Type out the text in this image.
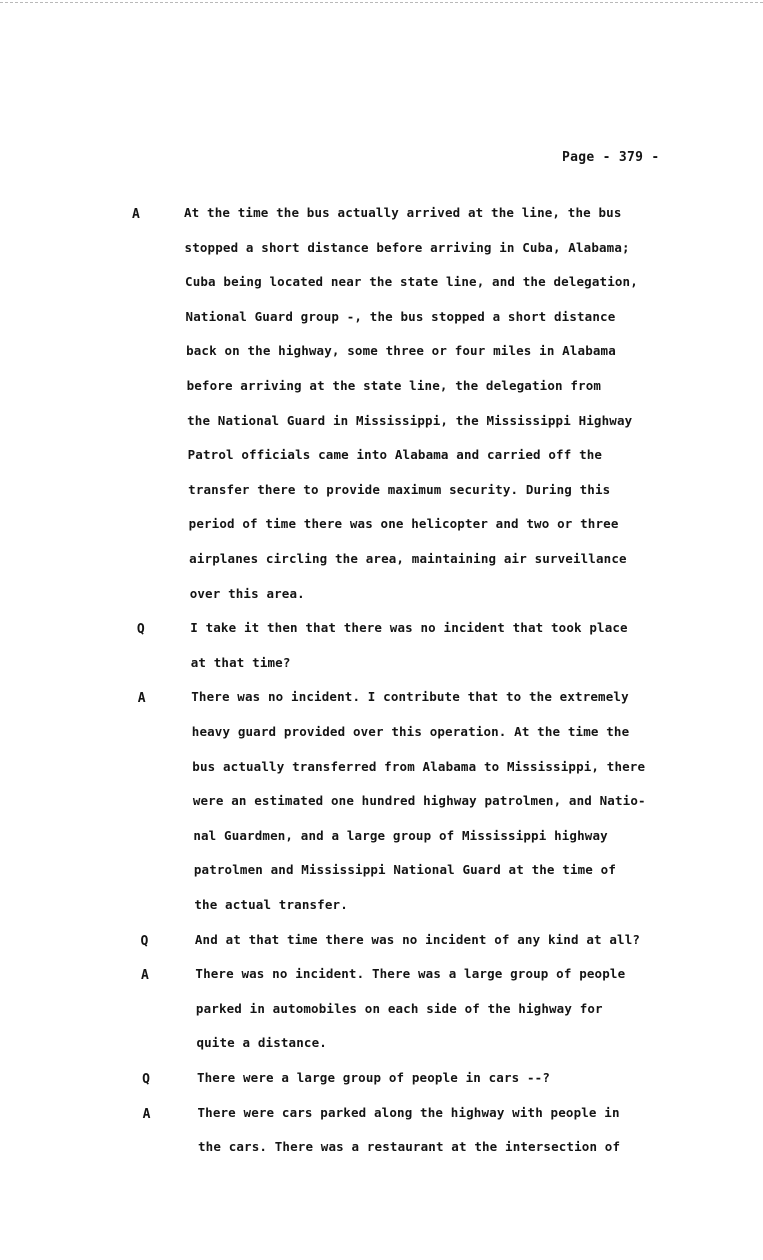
Page - 379 -
A	At the time the bus actually arrived at the line, the bus
stopped a short distance before arriving in Cuba, Alabama;
Cuba being located near the state line, and the delegation,
National Guard group -, the bus stopped a short distance
back on the highway, some three or four miles in Alabama
before arriving at the state line, the delegation from
the National Guard in Mississippi, the Mississippi Highway
Patrol officials came into Alabama and carried off the
transfer there to provide maximum security. During this
period of time there was one helicopter and two or three
airplanes circling the area, maintaining air surveillance
over this area.
Q	I take it then that there was no incident that took place
at that time?
A	There was no incident. I contribute that to the extremely
heavy guard provided over this operation. At the time the
bus actually transferred from Alabama to Mississippi, there
were an estimated one hundred highway patrolmen, and Natio-
nal Guardmen, and a large group of Mississippi highway
patrolmen and Mississippi National Guard at the time of
the actual transfer.
Q	And at that time there was no incident of any kind at all?
A	There was no incident. There was a large group of people
parked in automobiles on each side of the highway for
quite a distance.
Q	There were a large group of people in cars --?
A	There were cars parked along the highway with people in
the cars. There was a restaurant at the intersection of
